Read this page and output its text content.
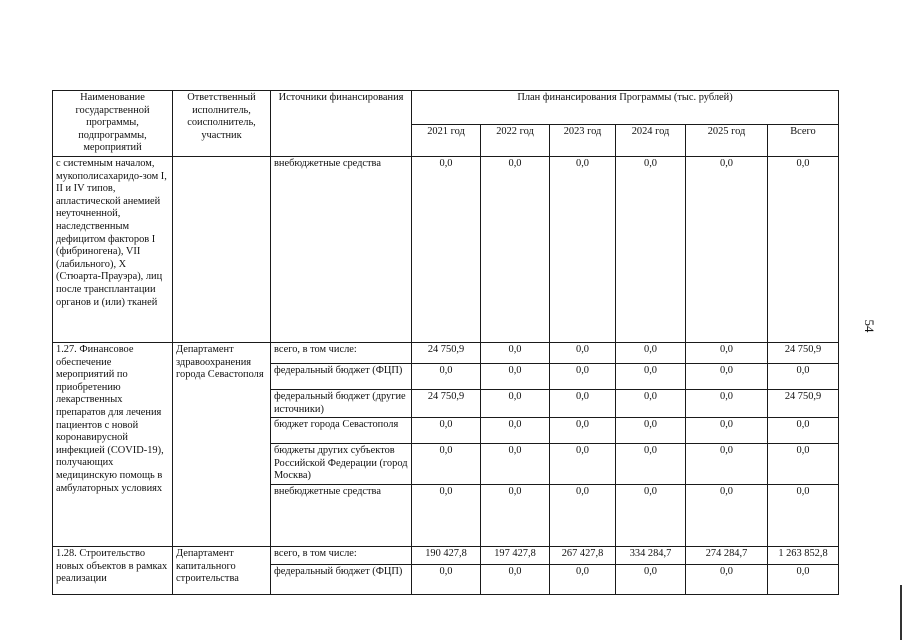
54
Наименование государственной программы, подпрограммы, мероприятий	Ответственный исполнитель, соисполнитель, участник	Источники финансирования	План финансирования Программы (тыс. рублей)					
			2021 год	2022 год	2023 год	2024 год	2025 год	Всего
с системным началом, мукополисахаридо-зом I, II и IV типов, апластической анемией неуточненной, наследственным дефицитом факторов I (фибриногена), VII (лабильного), X (Стюарта-Прауэра), лиц после трансплантации органов и (или) тканей		внебюджетные средства	0,0	0,0	0,0	0,0	0,0	0,0
1.27. Финансовое обеспечение мероприятий по приобретению лекарственных препаратов для лечения пациентов с новой коронавирусной инфекцией (COVID-19), получающих медицинскую помощь в амбулаторных условиях	Департамент здравоохранения города Севастополя	всего, в том числе:	24 750,9	0,0	0,0	0,0	0,0	24 750,9
		федеральный бюджет (ФЦП)	0,0	0,0	0,0	0,0	0,0	0,0
		федеральный бюджет (другие источники)	24 750,9	0,0	0,0	0,0	0,0	24 750,9
		бюджет города Севастополя	0,0	0,0	0,0	0,0	0,0	0,0
		бюджеты других субъектов Российской Федерации (город Москва)	0,0	0,0	0,0	0,0	0,0	0,0
		внебюджетные средства	0,0	0,0	0,0	0,0	0,0	0,0
1.28. Строительство новых объектов в рамках реализации	Департамент капитального строительства	всего, в том числе:	190 427,8	197 427,8	267 427,8	334 284,7	274 284,7	1 263 852,8
		федеральный бюджет (ФЦП)	0,0	0,0	0,0	0,0	0,0	0,0
